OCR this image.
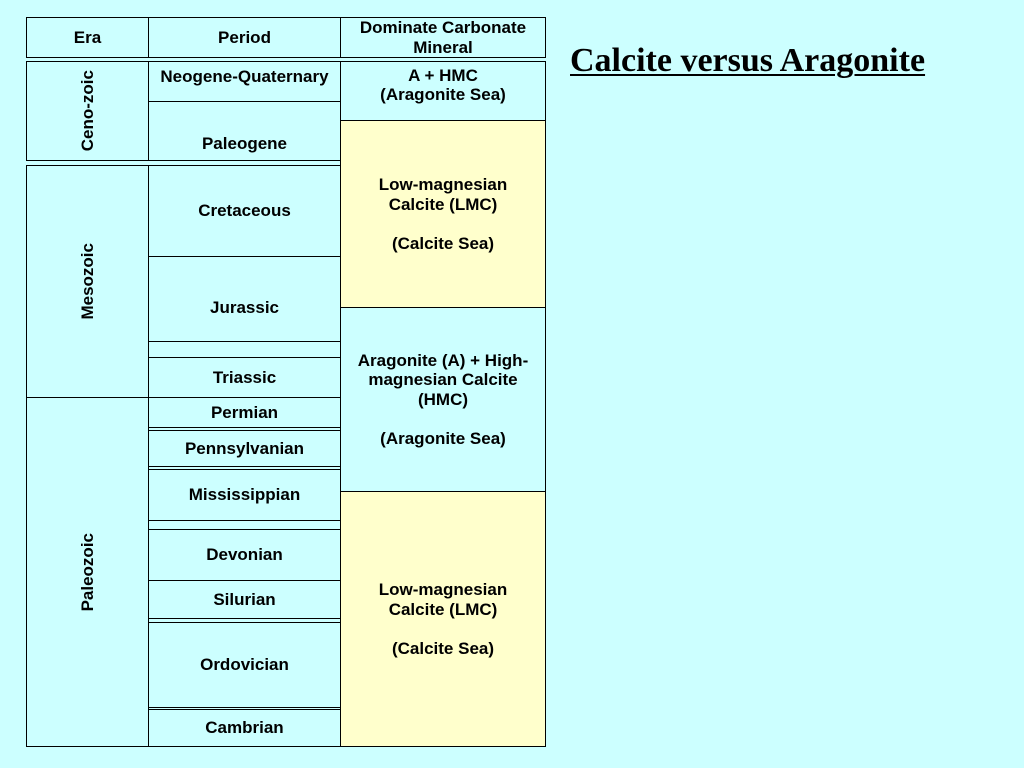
Calcite versus Aragonite
Era	Period
Dominate Carbonate Mineral
Ceno-zoic
Mesozoic
Paleozoic
Neogene-Quaternary
Paleogene
Cretaceous
Jurassic
Triassic
Permian
Pennsylvanian
Mississippian
Devonian
Silurian
Ordovician
Cambrian
A + HMC
(Aragonite Sea)
Low-magnesian
Calcite (LMC)
(Calcite Sea)
Aragonite (A) + High-
magnesian Calcite
(HMC)
(Aragonite Sea)
Low-magnesian
Calcite (LMC)
(Calcite Sea)
